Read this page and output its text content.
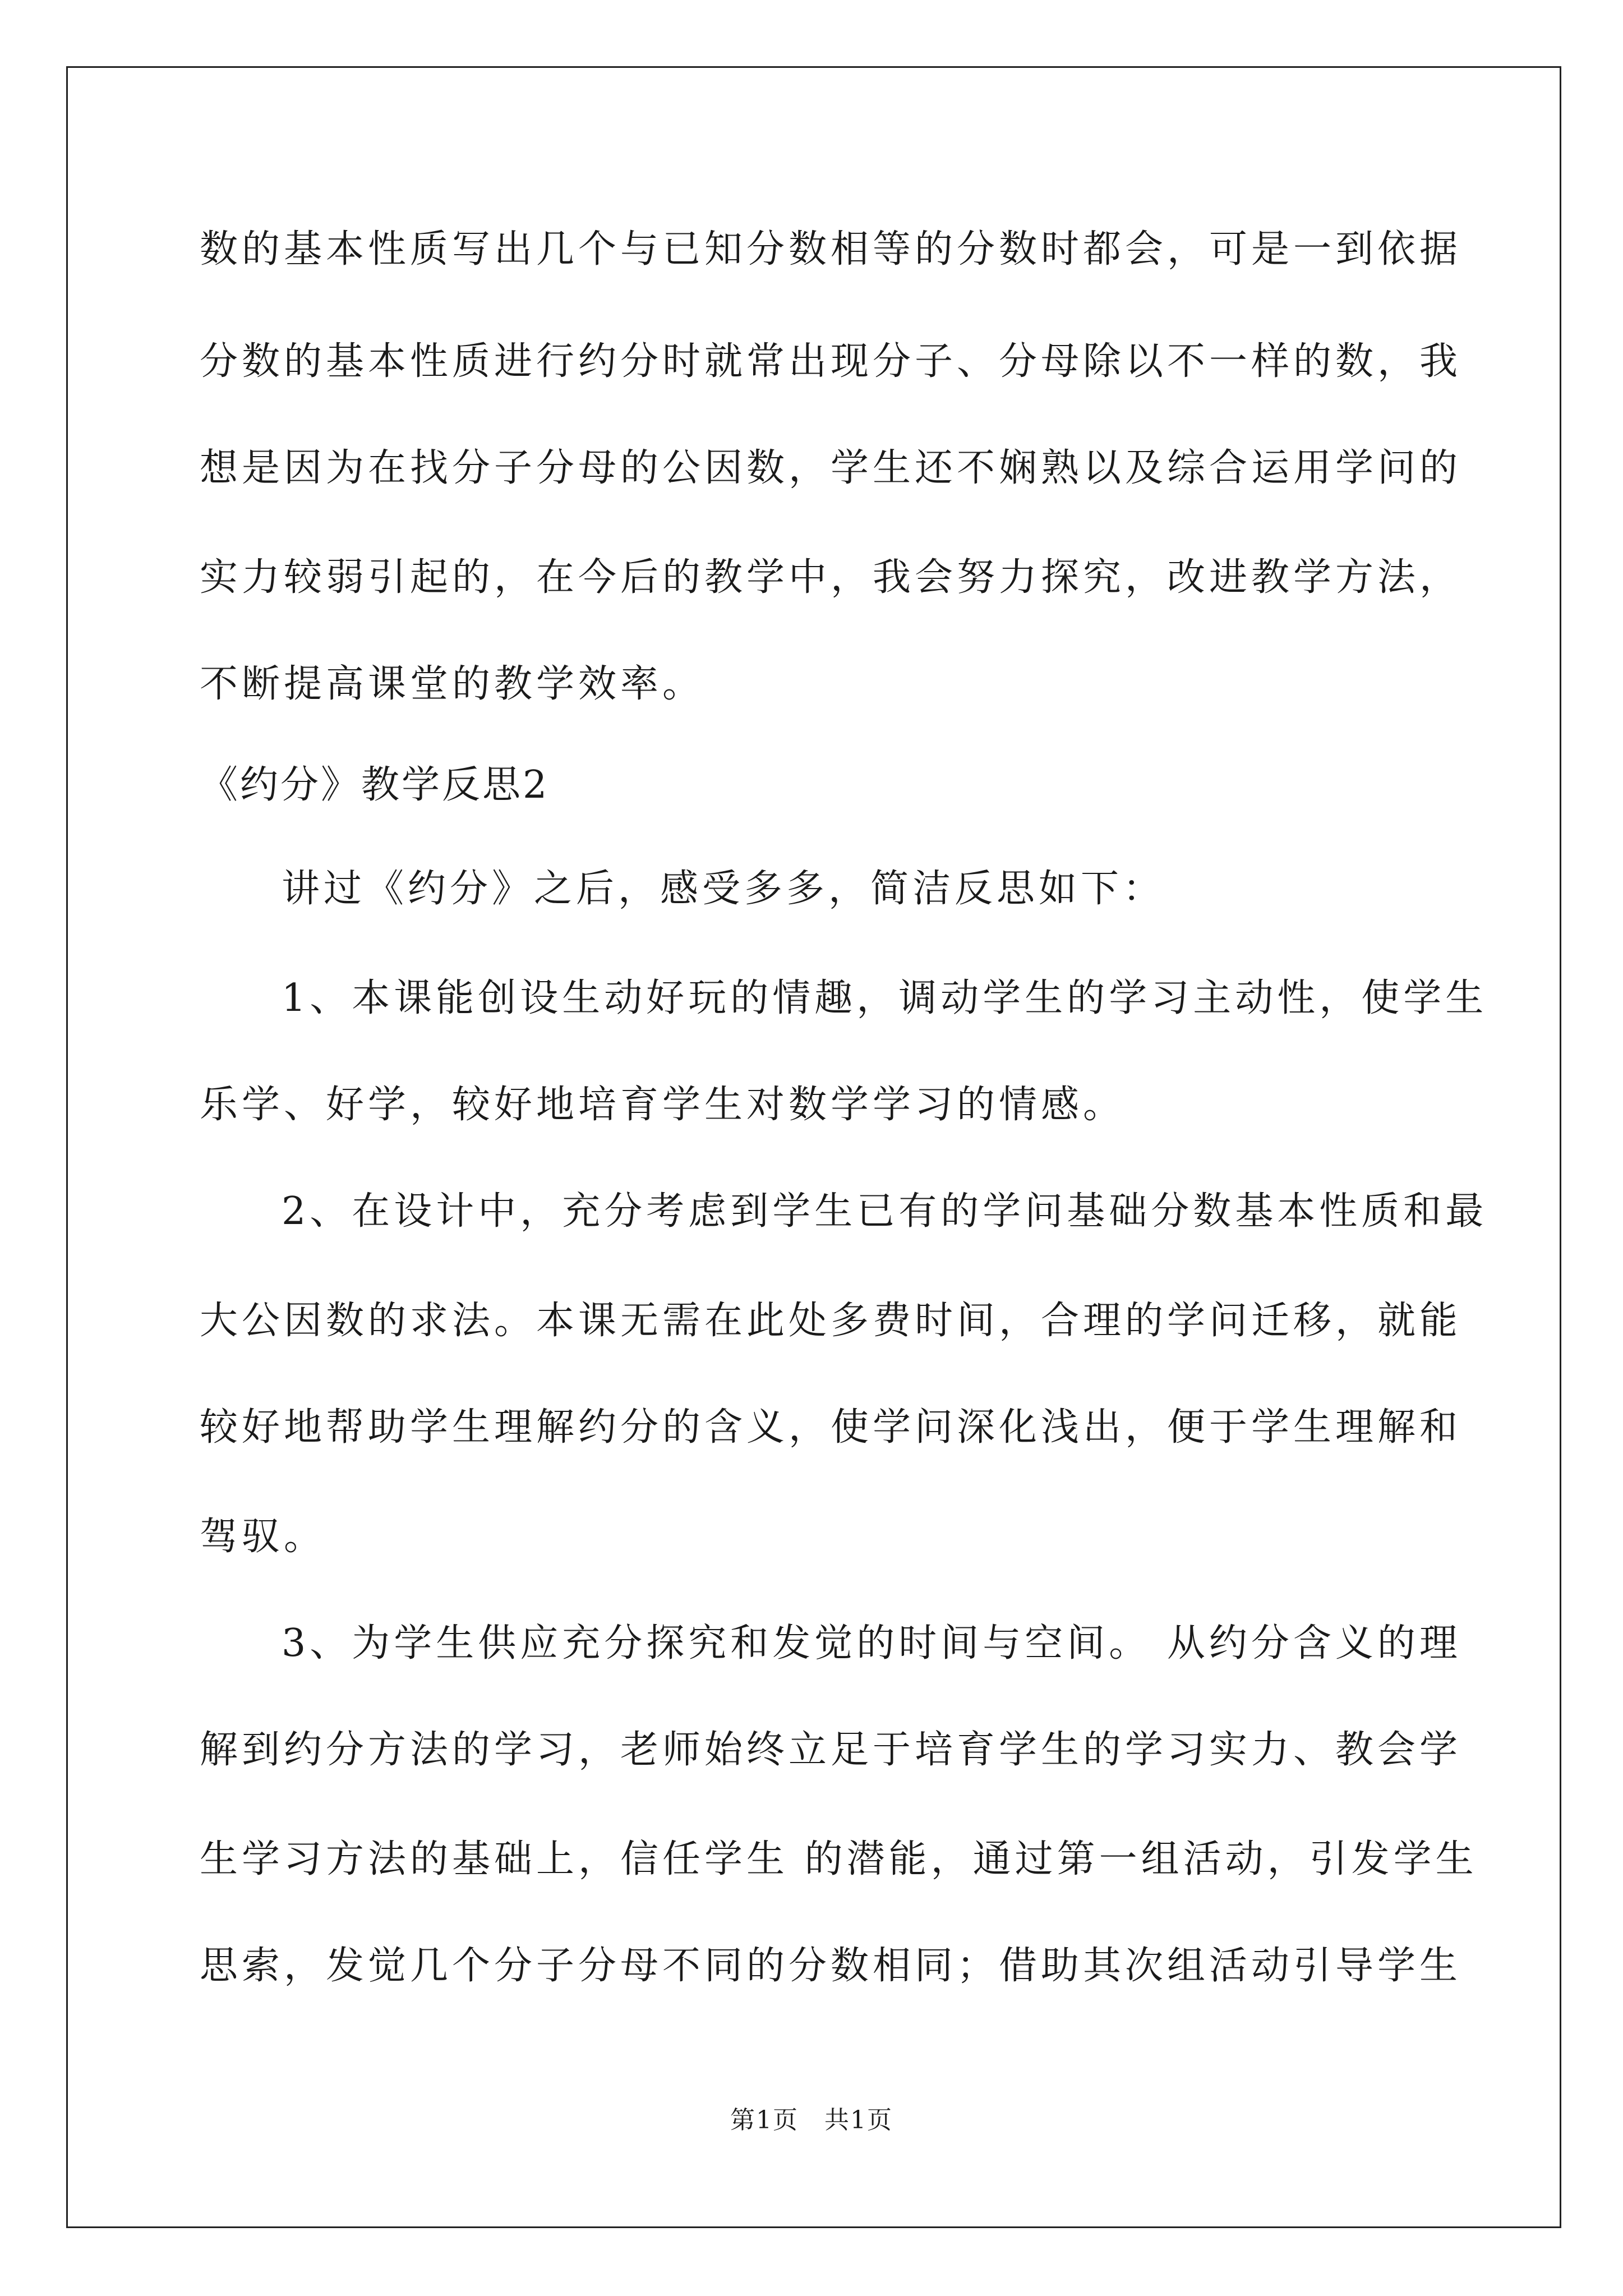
数的基本性质写出几个与已知分数相等的分数时都会，可是一到依据
分数的基本性质进行约分时就常出现分子、分母除以不一样的数，我
想是因为在找分子分母的公因数，学生还不娴熟以及综合运用学问的
实力较弱引起的，在今后的教学中，我会努力探究，改进教学方法，
不断提高课堂的教学效率。
《约分》教学反思2
讲过《约分》之后，感受多多，简洁反思如下：
1、本课能创设生动好玩的情趣，调动学生的学习主动性，使学生
乐学、好学，较好地培育学生对数学学习的情感。
2、在设计中，充分考虑到学生已有的学问基础分数基本性质和最
大公因数的求法。本课无需在此处多费时间，合理的学问迁移，就能
较好地帮助学生理解约分的含义，使学问深化浅出，便于学生理解和
驾驭。
3、为学生供应充分探究和发觉的时间与空间。 从约分含义的理
解到约分方法的学习，老师始终立足于培育学生的学习实力、教会学
生学习方法的基础上，信任学生 的潜能，通过第一组活动，引发学生
思索，发觉几个分子分母不同的分数相同；借助其次组活动引导学生
第1页　共1页
